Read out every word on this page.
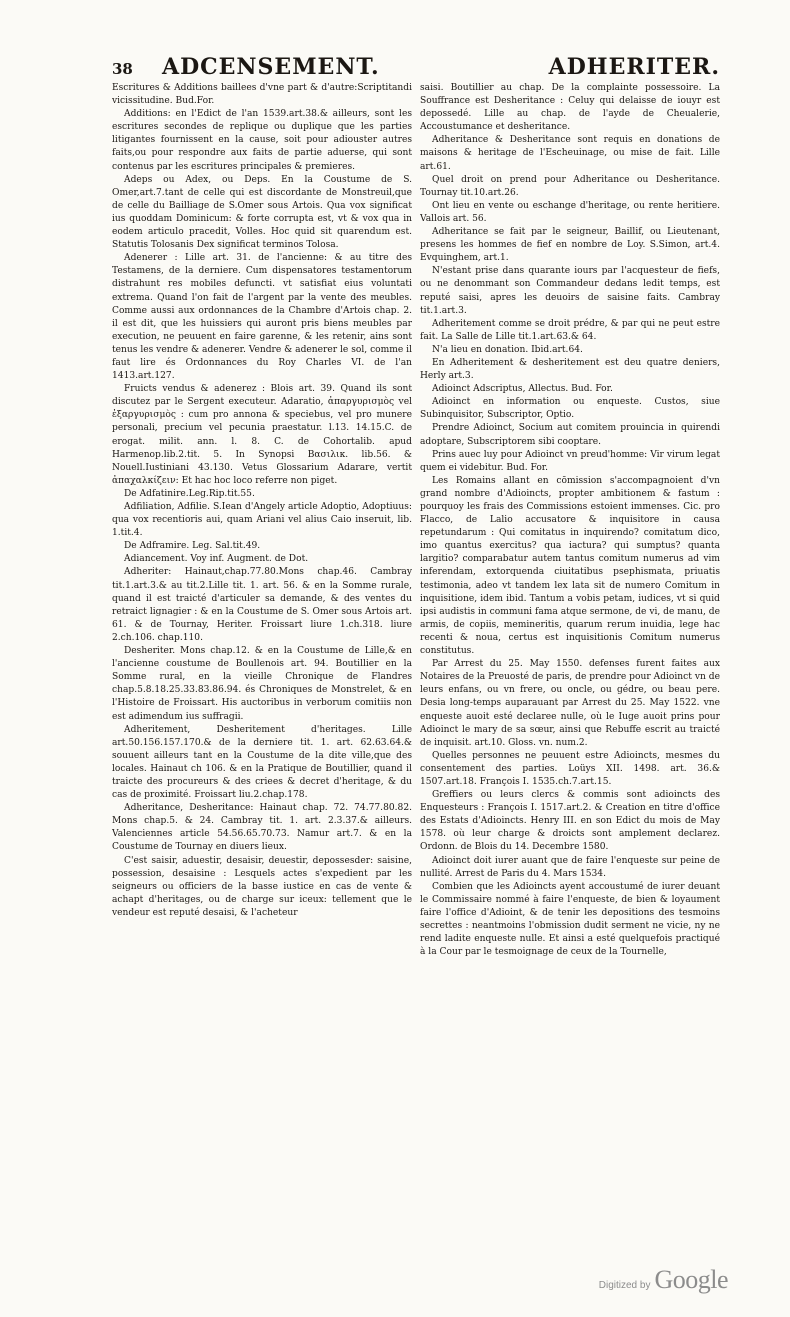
38 ADCENSEMENT.	ADHERITER.

Escritures & Additions baillees d'vne part & d'autre:Scriptitandi vicissitudine. Bud.For.

Additions: en l'Edict de l'an 1539.art.38.& ailleurs, sont les escritures secondes de replique ou duplique que les parties litigantes fournissent en la cause, soit pour adiouster autres faits,ou pour respondre aux faits de partie aduerse, qui sont contenus par les escritures principales & premieres.

Adeps ou Adex, ou Deps. En la Coustume de S. Omer,art.7.tant de celle qui est discordante de Monstreuil,que de celle du Bailliage de S.Omer sous Artois. Qua vox significat ius quoddam Dominicum: & forte corrupta est, vt & vox qua in eodem articulo pracedit, Volles. Hoc quid sit quarendum est. Statutis Tolosanis Dex significat terminos Tolosa.

Adenerer : Lille art. 31. de l'ancienne: & au titre des Testamens, de la derniere. Cum dispensatores testamentorum distrahunt res mobiles defuncti. vt satisfiat eius voluntati extrema. Quand l'on fait de l'argent par la vente des meubles. Comme aussi aux ordonnances de la Chambre d'Artois chap. 2. il est dit, que les huissiers qui auront pris biens meubles par execution, ne peuuent en faire garenne, & les retenir, ains sont tenus les vendre & adenerer. Vendre & adenerer le sol, comme il faut lire és Ordonnances du Roy Charles VI. de l'an 1413.art.127.

Fruicts vendus & adenerez : Blois art. 39. Quand ils sont discutez par le Sergent executeur. Adaratio, ἀπαργυρισμὸς vel ἐξαργυρισμὸς : cum pro annona & speciebus, vel pro munere personali, precium vel pecunia praestatur. l.13. 14.15.C. de erogat. milit. ann. l. 8. C. de Cohortalib. apud Harmenop.lib.2.tit. 5. In Synopsi Βασιλικ. lib.56. & Nouell.Iustiniani 43.130. Vetus Glossarium Adarare, vertit ἀπαχαλκίζειν: Et hac hoc loco referre non piget.

De Adfatinire.Leg.Rip.tit.55.

Adfiliation, Adfilie. S.Iean d'Angely article Adoptio, Adoptiuus: qua vox recentioris aui, quam Ariani vel alius Caio inseruit, lib. 1.tit.4.

De Adframire. Leg. Sal.tit.49.

Adiancement. Voy inf. Augment. de Dot.

Adheriter: Hainaut,chap.77.80.Mons chap.46. Cambray tit.1.art.3.& au tit.2.Lille tit. 1. art. 56. & en la Somme rurale, quand il est traicté d'articuler sa demande, & des ventes du retraict lignagier : & en la Coustume de S. Omer sous Artois art. 61. & de Tournay, Heriter. Froissart liure 1.ch.318. liure 2.ch.106. chap.110.

Desheriter. Mons chap.12. & en la Coustume de Lille,& en l'ancienne coustume de Boullenois art. 94. Boutillier en la Somme rural, en la vieille Chronique de Flandres chap.5.8.18.25.33.83.86.94. és Chroniques de Monstrelet, & en l'Histoire de Froissart. His auctoribus in verborum comitiis non est adimendum ius suffragii.

Adheritement, Desheritement d'heritages. Lille art.50.156.157.170.& de la derniere tit. 1. art. 62.63.64.& souuent ailleurs tant en la Coustume de la dite ville,que des locales. Hainaut ch 106. & en la Pratique de Boutillier, quand il traicte des procureurs & des criees & decret d'heritage, & du cas de proximité. Froissart liu.2.chap.178.

Adheritance, Desheritance: Hainaut chap. 72. 74.77.80.82. Mons chap.5. & 24. Cambray tit. 1. art. 2.3.37.& ailleurs. Valenciennes article 54.56.65.70.73. Namur art.7. & en la Coustume de Tournay en diuers lieux.

C'est saisir, aduestir, desaisir, deuestir, depossesder: saisine, possession, desaisine : Lesquels actes s'expedient par les seigneurs ou officiers de la basse iustice en cas de vente & achapt d'heritages, ou de charge sur iceux: tellement que le vendeur est reputé desaisi, & l'acheteur

saisi. Boutillier au chap. De la complainte possessoire. La Souffrance est Desheritance : Celuy qui delaisse de iouyr est depossedé. Lille au chap. de l'ayde de Cheualerie, Accoustumance et desheritance.

Adheritance & Desheritance sont requis en donations de maisons & heritage de l'Escheuinage, ou mise de fait. Lille art.61.

Quel droit on prend pour Adheritance ou Desheritance. Tournay tit.10.art.26.

Ont lieu en vente ou eschange d'heritage, ou rente heritiere. Vallois art. 56.

Adheritance se fait par le seigneur, Baillif, ou Lieutenant, presens les hommes de fief en nombre de Loy. S.Simon, art.4. Evquinghem, art.1.

N'estant prise dans quarante iours par l'acquesteur de fiefs, ou ne denommant son Commandeur dedans ledit temps, est reputé saisi, apres les deuoirs de saisine faits. Cambray tit.1.art.3.

Adheritement comme se droit prédre, & par qui ne peut estre fait. La Salle de Lille tit.1.art.63.& 64.

N'a lieu en donation. Ibid.art.64.

En Adheritement & desheritement est deu quatre deniers, Herly art.3.

Adioinct Adscriptus, Allectus. Bud. For.

Adioinct en information ou enqueste. Custos, siue Subinquisitor, Subscriptor, Optio.

Prendre Adioinct, Socium aut comitem prouincia in quirendi adoptare, Subscriptorem sibi cooptare.

Prins auec luy pour Adioinct vn preud'homme: Vir virum legat quem ei videbitur. Bud. For.

Les Romains allant en cōmission s'accompagnoient d'vn grand nombre d'Adioincts, propter ambitionem & fastum : pourquoy les frais des Commissions estoient immenses. Cic. pro Flacco, de Lalio accusatore & inquisitore in causa repetundarum : Qui comitatus in inquirendo? comitatum dico, imo quantus exercitus? qua iactura? qui sumptus? quanta largitio? comparabatur autem tantus comitum numerus ad vim inferendam, extorquenda ciuitatibus psephismata, priuatis testimonia, adeo vt tandem lex lata sit de numero Comitum in inquisitione, idem ibid. Tantum a vobis petam, iudices, vt si quid ipsi audistis in communi fama atque sermone, de vi, de manu, de armis, de copiis, memineritis, quarum rerum inuidia, lege hac recenti & noua, certus est inquisitionis Comitum numerus constitutus.

Par Arrest du 25. May 1550. defenses furent faites aux Notaires de la Preuosté de paris, de prendre pour Adioinct vn de leurs enfans, ou vn frere, ou oncle, ou gédre, ou beau pere. Desia long-temps auparauant par Arrest du 25. May 1522. vne enqueste auoit esté declaree nulle, où le Iuge auoit prins pour Adioinct le mary de sa sœur, ainsi que Rebuffe escrit au traicté de inquisit. art.10. Gloss. vn. num.2.

Quelles personnes ne peuuent estre Adioincts, mesmes du consentement des parties. Loüys XII. 1498. art. 36.& 1507.art.18. François I. 1535.ch.7.art.15.

Greffiers ou leurs clercs & commis sont adioincts des Enquesteurs : François I. 1517.art.2. & Creation en titre d'office des Estats d'Adioincts. Henry III. en son Edict du mois de May 1578. où leur charge & droicts sont amplement declarez. Ordonn. de Blois du 14. Decembre 1580.

Adioinct doit iurer auant que de faire l'enqueste sur peine de nullité. Arrest de Paris du 4. Mars 1534.

Combien que les Adioincts ayent accoustumé de iurer deuant le Commissaire nommé à faire l'enqueste, de bien & loyaument faire l'office d'Adioint, & de tenir les depositions des tesmoins secrettes : neantmoins l'obmission dudit serment ne vicie, ny ne rend ladite enqueste nulle. Et ainsi a esté quelquefois practiqué à la Cour par le tesmoignage de ceux de la Tournelle,

Digitized by Google
